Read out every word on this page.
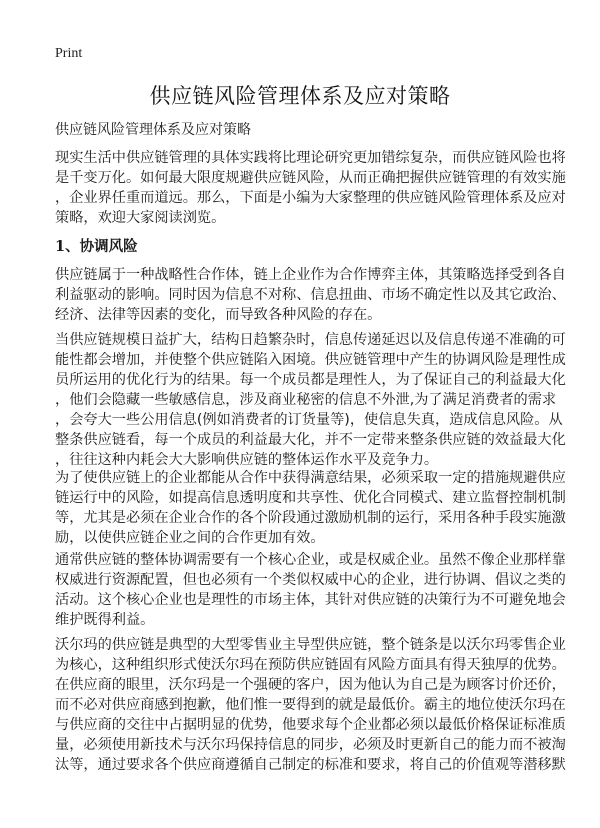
Print
供应链风险管理体系及应对策略
供应链风险管理体系及应对策略
现实生活中供应链管理的具体实践将比理论研究更加错综复杂，而供应链风险也将
是千变万化。如何最大限度规避供应链风险，从而正确把握供应链管理的有效实施
，企业界任重而道远。那么，下面是小编为大家整理的供应链风险管理体系及应对
策略，欢迎大家阅读浏览。
1、协调风险
供应链属于一种战略性合作体，链上企业作为合作博弈主体，其策略选择受到各自
利益驱动的影响。同时因为信息不对称、信息扭曲、市场不确定性以及其它政治、
经济、法律等因素的变化，而导致各种风险的存在。
当供应链规模日益扩大，结构日趋繁杂时，信息传递延迟以及信息传递不准确的可
能性都会增加，并使整个供应链陷入困境。供应链管理中产生的协调风险是理性成
员所运用的优化行为的结果。每一个成员都是理性人，为了保证自己的利益最大化
，他们会隐藏一些敏感信息，涉及商业秘密的信息不外泄,为了满足消费者的需求
，会夸大一些公用信息(例如消费者的订货量等)，使信息失真，造成信息风险。从
整条供应链看，每一个成员的利益最大化，并不一定带来整条供应链的效益最大化
，往往这种内耗会大大影响供应链的整体运作水平及竞争力。
为了使供应链上的企业都能从合作中获得满意结果，必须采取一定的措施规避供应
链运行中的风险，如提高信息透明度和共享性、优化合同模式、建立监督控制机制
等，尤其是必须在企业合作的各个阶段通过激励机制的运行，采用各种手段实施激
励，以使供应链企业之间的合作更加有效。
通常供应链的整体协调需要有一个核心企业，或是权威企业。虽然不像企业那样靠
权威进行资源配置，但也必须有一个类似权威中心的企业，进行协调、倡议之类的
活动。这个核心企业也是理性的市场主体，其针对供应链的决策行为不可避免地会
维护既得利益。
沃尔玛的供应链是典型的大型零售业主导型供应链，整个链条是以沃尔玛零售企业
为核心，这种组织形式使沃尔玛在预防供应链固有风险方面具有得天独厚的优势。
在供应商的眼里，沃尔玛是一个强硬的客户，因为他认为自己是为顾客讨价还价，
而不必对供应商感到抱歉，他们惟一要得到的就是最低价。霸主的地位使沃尔玛在
与供应商的交往中占据明显的优势，他要求每个企业都必须以最低价格保证标准质
量，必须使用新技术与沃尔玛保持信息的同步，必须及时更新自己的能力而不被淘
汰等，通过要求各个供应商遵循自己制定的标准和要求，将自己的价值观等潜移默
